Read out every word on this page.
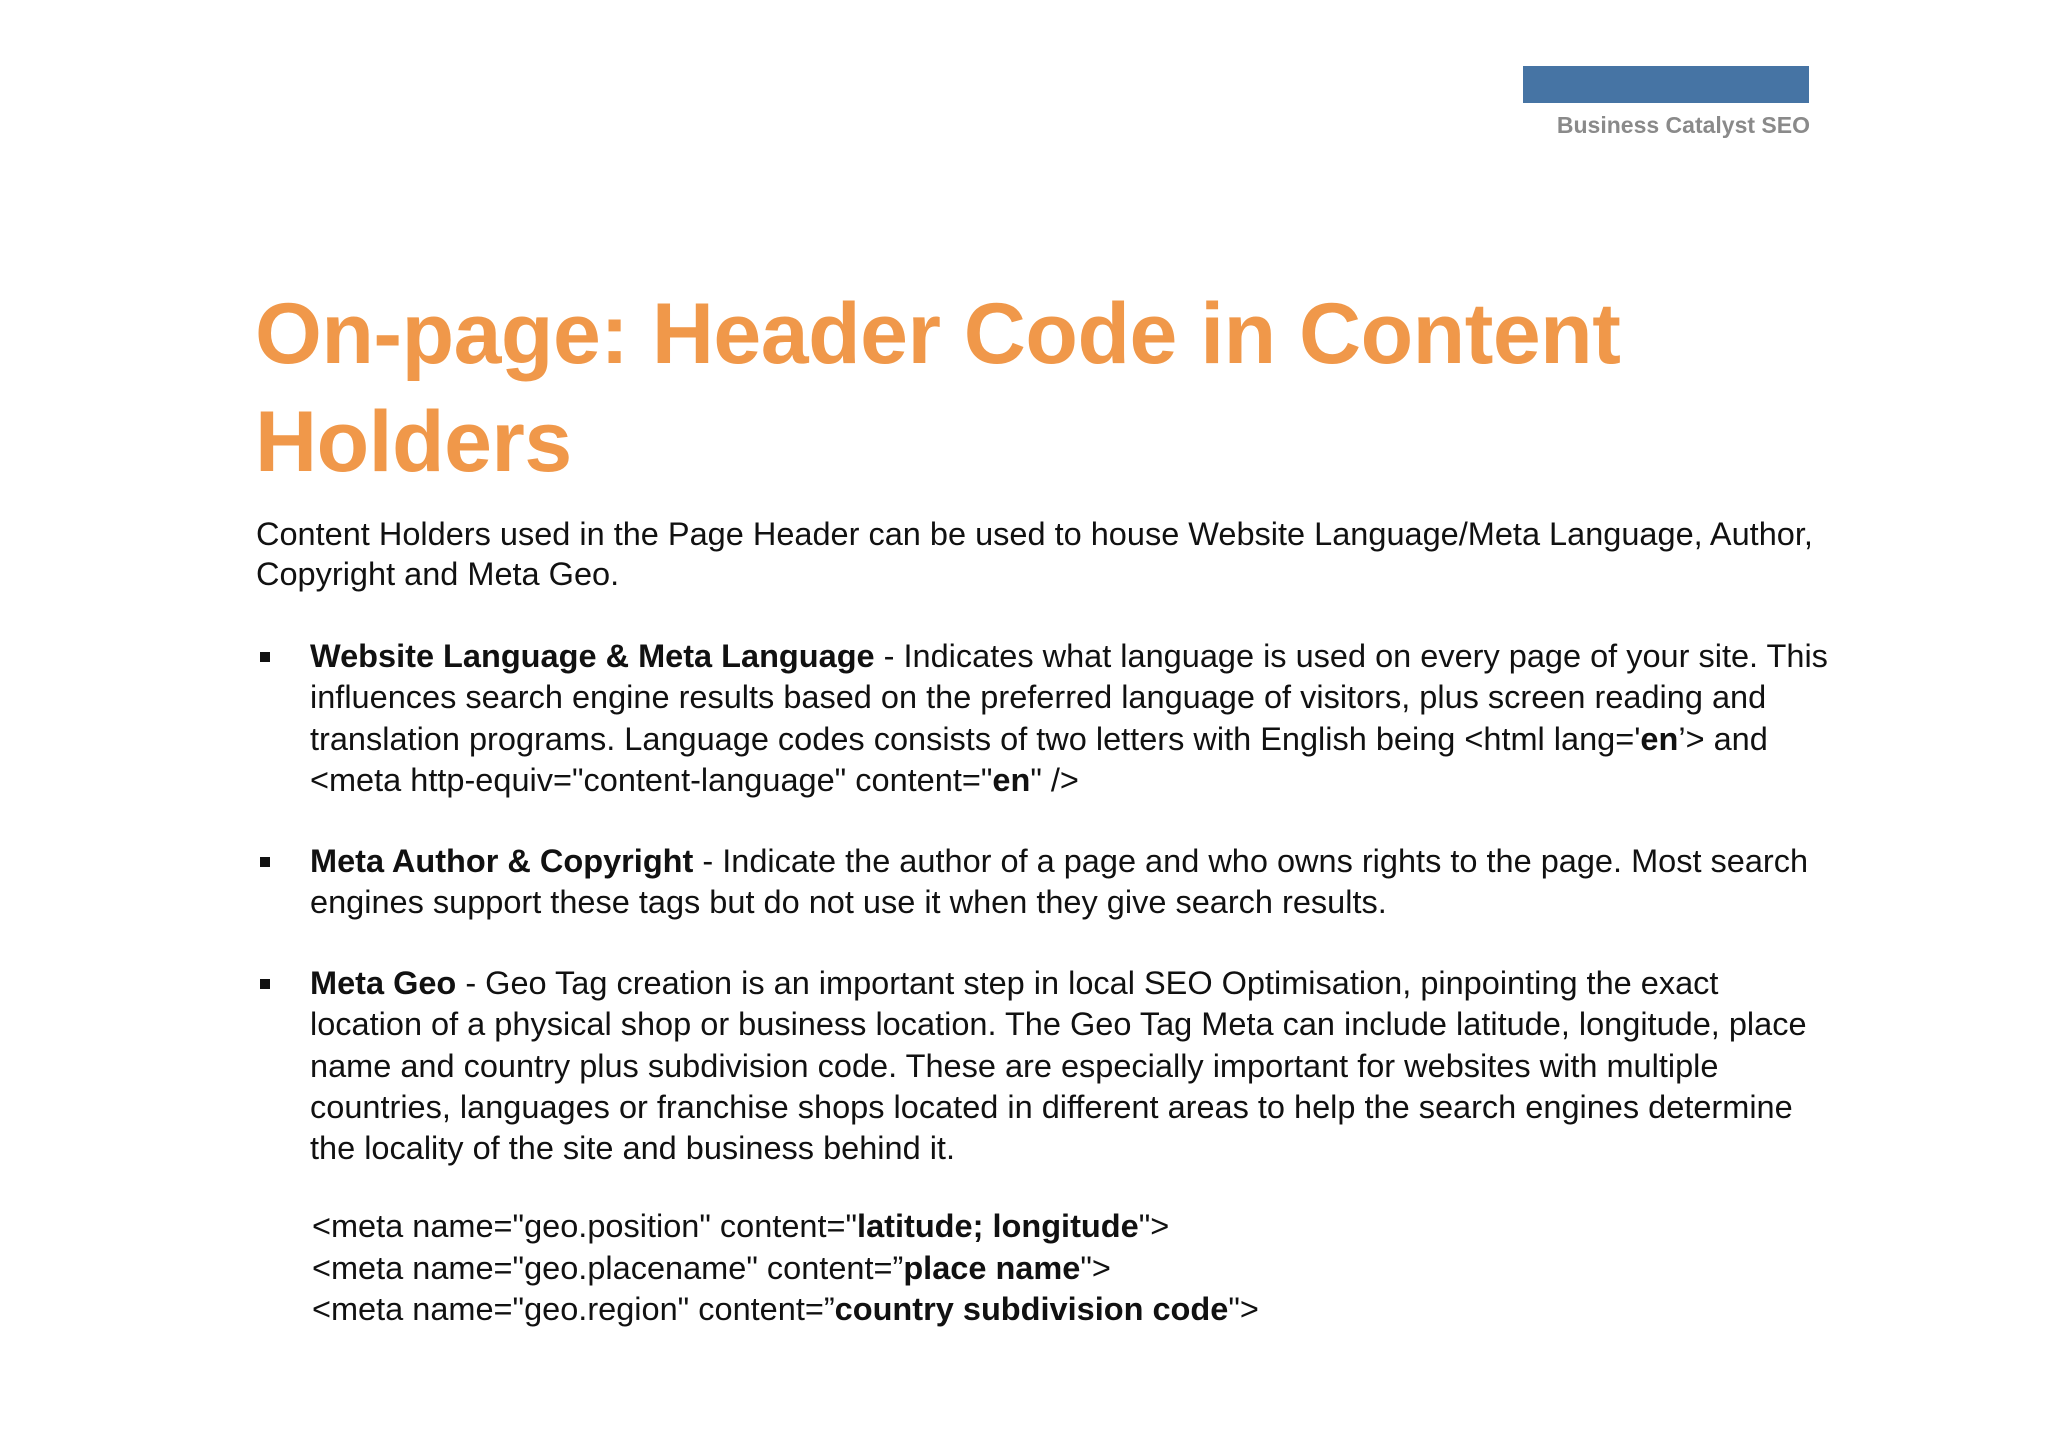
Business Catalyst SEO
On-page: Header Code in Content Holders

Content Holders used in the Page Header can be used to house Website Language/Meta Language, Author, Copyright and Meta Geo.

Website Language & Meta Language - Indicates what language is used on every page of your site. This influences search engine results based on the preferred language of visitors, plus screen reading and translation programs. Language codes consists of two letters with English being <html lang='en’> and <meta http-equiv="content-language" content="en" />
Meta Author & Copyright - Indicate the author of a page and who owns rights to the page. Most search engines support these tags but do not use it when they give search results.
Meta Geo - Geo Tag creation is an important step in local SEO Optimisation, pinpointing the exact location of a physical shop or business location. The Geo Tag Meta can include latitude, longitude, place name and country plus subdivision code. These are especially important for websites with multiple countries, languages or franchise shops located in different areas to help the search engines determine the locality of the site and business behind it.
<meta name="geo.position" content="latitude; longitude">
<meta name="geo.placename" content=”place name">
<meta name="geo.region" content=”country subdivision code">
